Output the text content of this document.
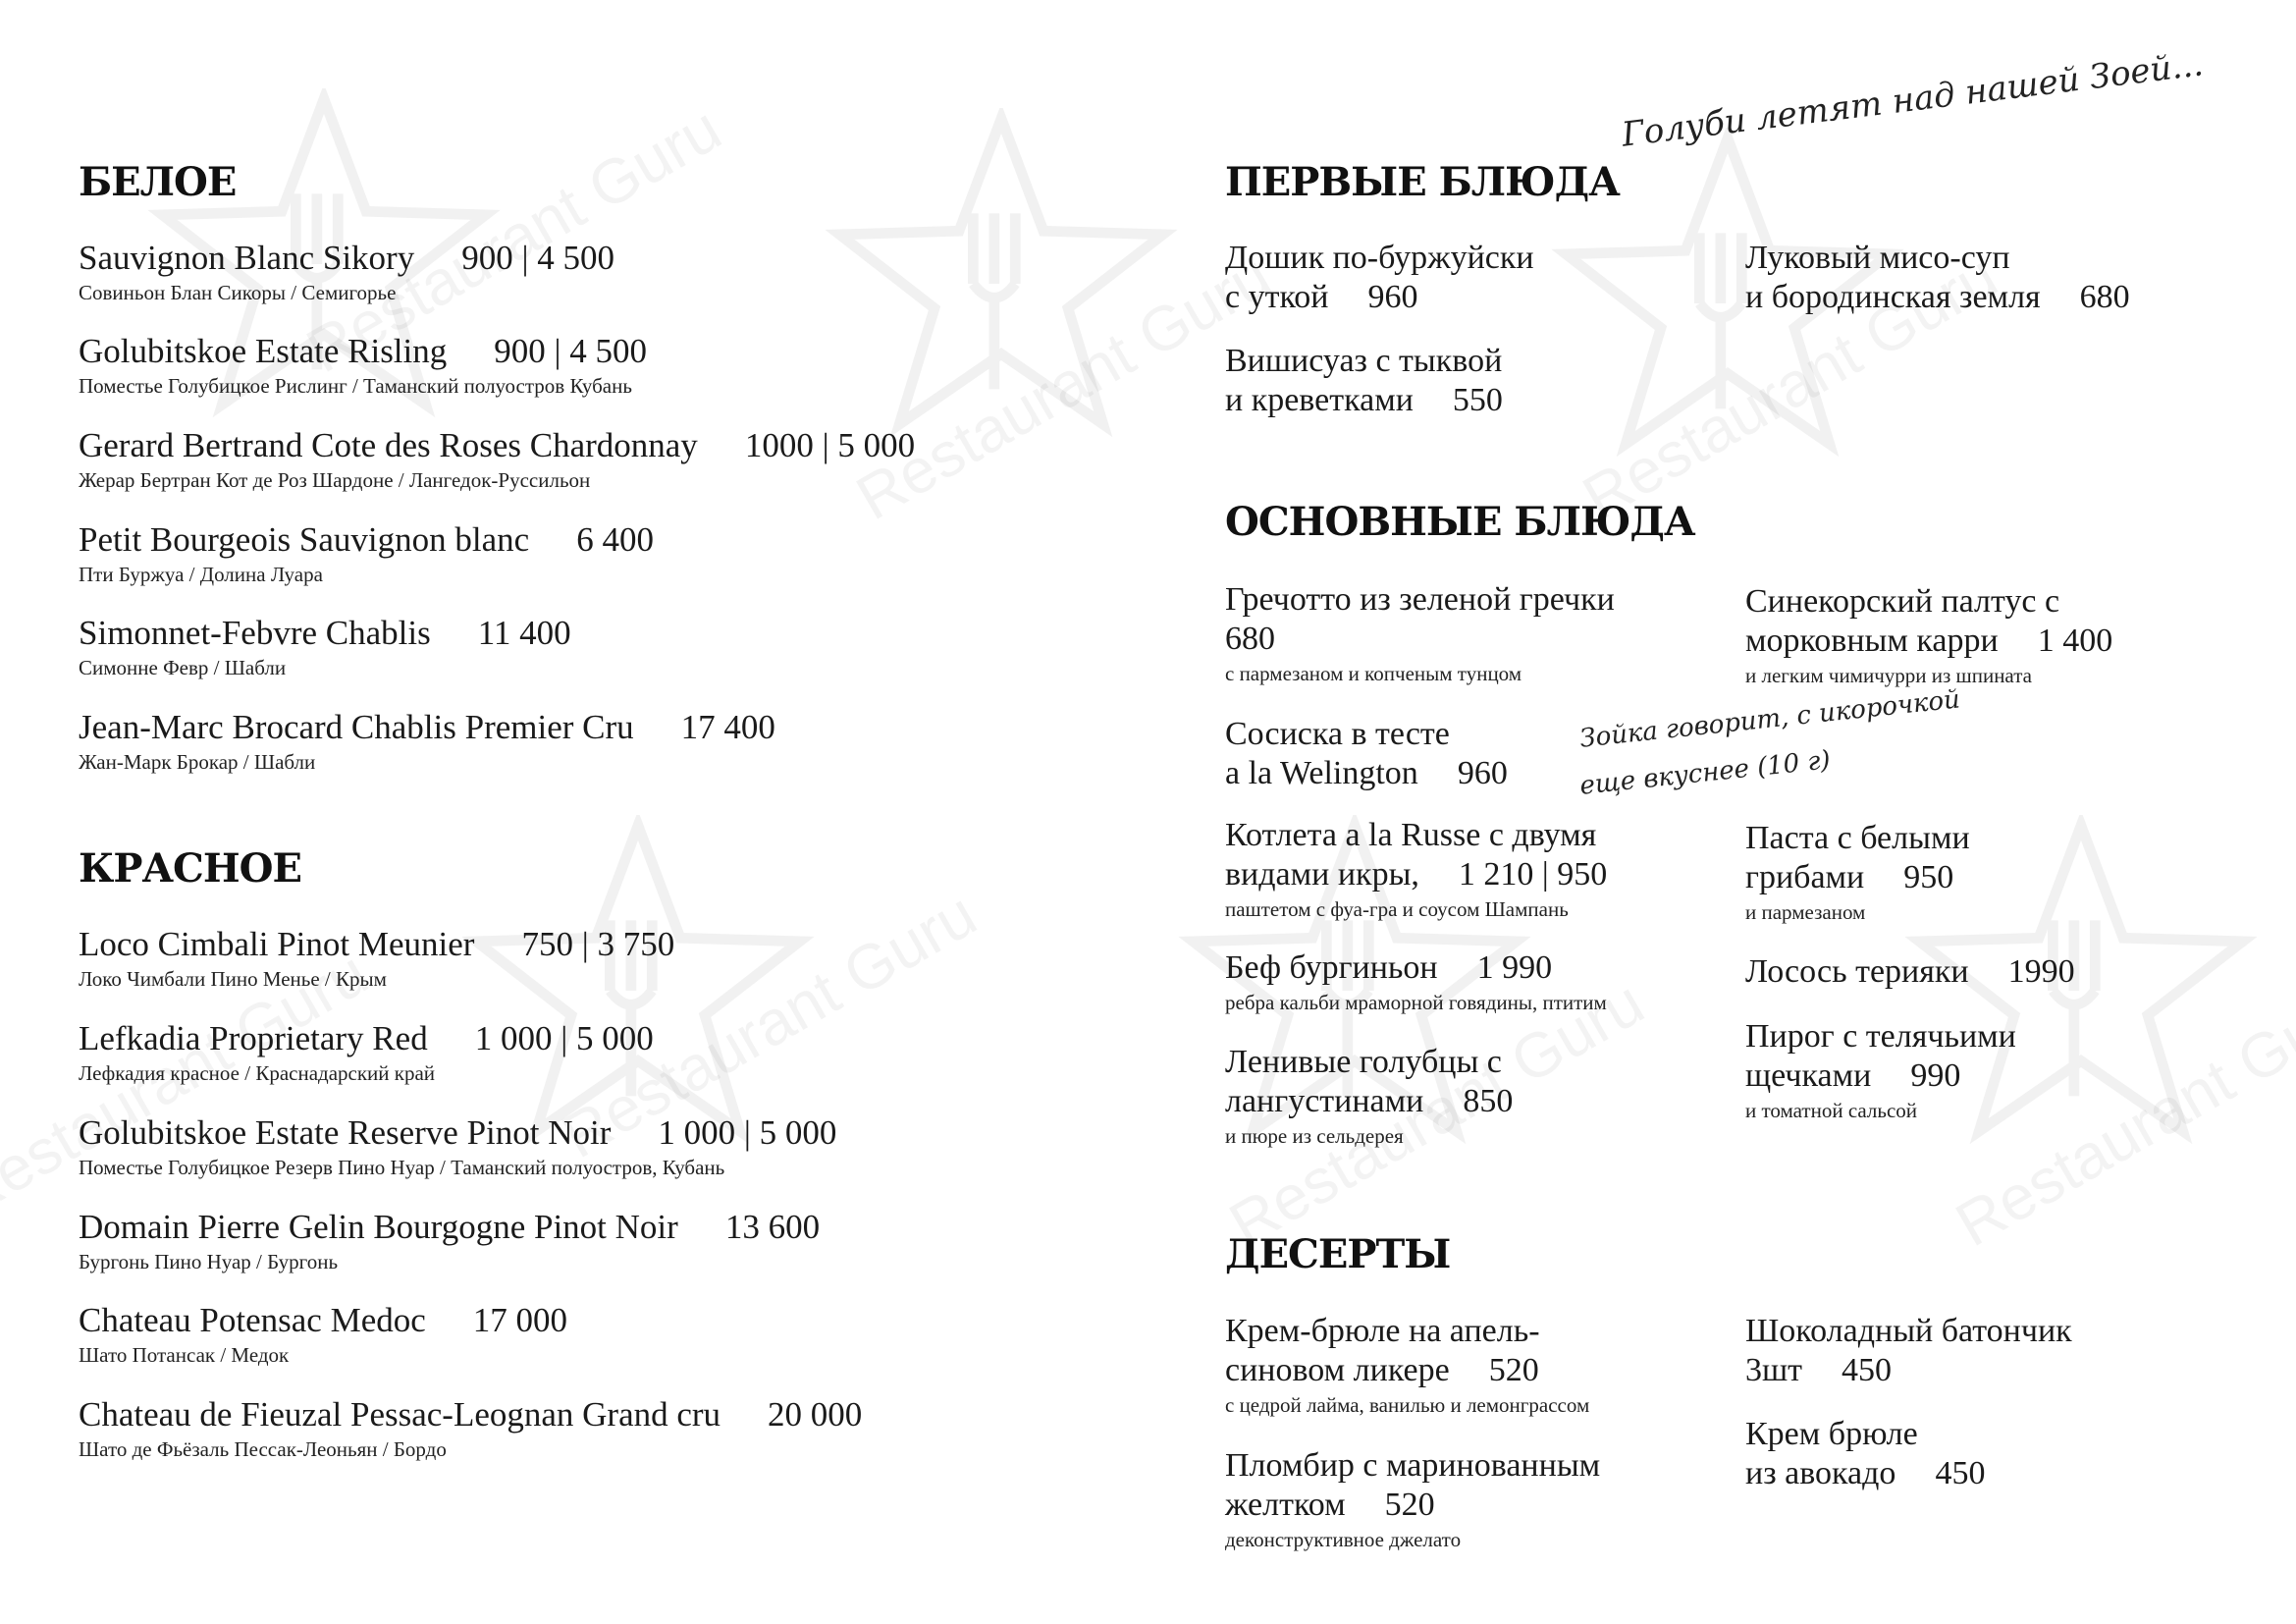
БЕЛОЕ
Sauvignon Blanc Sikory 900 | 4 500
Совиньон Блан Сикоры / Семигорье
Golubitskoe Estate Risling 900 | 4 500
Поместье Голубицкое Рислинг / Таманский полуостров Кубань
Gerard Bertrand Cote des Roses Chardonnay 1000 | 5 000
Жерар Бертран Кот де Роз Шардоне / Лангедок-Руссильон
Petit Bourgeois Sauvignon blanc 6 400
Пти Буржуа / Долина Луара
Simonnet-Febvre Chablis 11 400
Симонне Февр / Шабли
Jean-Marc Brocard Chablis Premier Cru 17 400
Жан-Марк Брокар / Шабли
КРАСНОЕ
Loco Cimbali Pinot Meunier 750 | 3 750
Локо Чимбали Пино Менье / Крым
Lefkadia Proprietary Red 1 000 | 5 000
Лефкадия красное / Краснадарский край
Golubitskoe Estate Reserve Pinot Noir 1 000 | 5 000
Поместье Голубицкое Резерв Пино Нуар / Таманский полуостров, Кубань
Domain Pierre Gelin Bourgogne Pinot Noir 13 600
Бургонь Пино Нуар / Бургонь
Chateau Potensac Medoc 17 000
Шато Потансак / Медок
Chateau de Fieuzal Pessac-Leognan Grand cru 20 000
Шато де Фьёзаль Пессак-Леоньян / Бордо
ПЕРВЫЕ БЛЮДА
Голуби летят над нашей Зоей...
Дошик по-буржуйски
с уткой 960
Луковый мисо-суп
и бородинская земля 680
Вишисуаз с тыквой
и креветками 550
ОСНОВНЫЕ БЛЮДА
Гречотто из зеленой гречки
680
с пармезаном и копченым тунцом
Синекорский палтус с
морковным карри 1 400
и легким чимичурри из шпината
Сосиска в тесте
a la Welington 960
Зойка говорит, с икорочкой
еще вкуснее (10 г)
Котлета a la Russe с двумя
видами икры, 1 210 | 950
паштетом с фуа-гра и соусом Шампань
Паста с белыми
грибами 950
и пармезаном
Беф бургиньон 1 990
ребра кальби мраморной говядины, птитим
Лосось терияки 1990
Ленивые голубцы с
лангустинами 850
и пюре из сельдерея
Пирог с телячьими
щечками 990
и томатной сальсой
ДЕСЕРТЫ
Крем-брюле на апель-
синовом ликере 520
с цедрой лайма, ванилью и лемонграссом
Шоколадный батончик
3шт 450
Пломбир с маринованным
желтком 520
деконструктивное джелато
Крем брюле
из авокадо 450
